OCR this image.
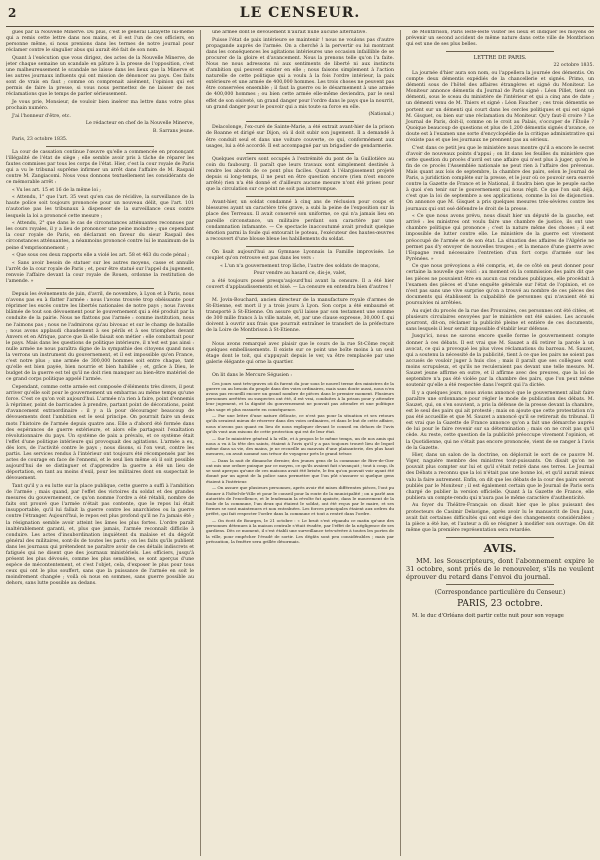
2	LE CENSEUR.

gués par la Nouvelle Minerve. Du plus, c'est le général Lafayette lui-même qui a remis cette lettre dans nos mains, et il est l'un de ces officiers, en personne même, si nous prenions dans les termes de notre journal pour réclamer contre le singulier abus qui aurait été fait de son nom.

Quant à l'exécution que vous dirigez, des actes de la Nouvelle Minerve, de jeter chaque semaine un scandale en pâture à la presse de l'opposition, c'est une malheureusement le scandale ne laisse dans les lieux que la Minerve et les autres journaux influents qui ont mission de dénoncer au pays. Ces faits sont de vrais en faut ; comme on comprenait aisément, l'opinion qui est permis de faire la presse, si vous nous permettez de ne laisser de nos réclamations que le temps de parler sérieusement.

Je vous prie, Monsieur, de vouloir bien insérer ma lettre dans votre plus prochain numéro.

J'ai l'honneur d'être, etc.

Le rédacteur en chef de la Nouvelle Minerve,

B. Sarrans jeune.

Paris, 23 octobre 1835.

La cour de cassation continue l'œuvre qu'elle a commencée en prononçant l'illégalité de l'état de siège ; elle semble avoir pris à tâche de réparer les fautes commises par tous les corps de l'état. Hier, c'est la cour royale de Paris qui a vu le tribunal suprême infirmer un arrêt dans l'affaire de M. Raspail contre M. Zangiacomi. Nous vous donnons textuellement les considérants de ce mémorable arrêt :

« Vu les art. 15 et 16 de la même loi ;

« Attendu, 1° que l'art. 35 veut qu'en cas de récidive, la surveillance de la haute police soit toujours prononcée pour un nouveau délit, que l'art. 101 n'autorise pas les tribunaux à dispenser de la surveillance ceux contre lesquels la loi a prononcé cette mesure ;

« Attendu, 2° que dans le cas de circonstances atténuantes reconnues par les cours royales, il y a lieu de prononcer une peine moindre ; que cependant la cour royale de Paris, en déclarant en faveur du sieur Raspail des circonstances atténuantes, a néanmoins prononcé contre lui le maximum de la peine d'emprisonnement ;

« Que sous ces deux rapports elle a violé les art. 58 et 463 du code pénal ;

« Sans avoir besoin de statuer sur les autres moyens, casse et annulle l'arrêt de la cour royale de Paris ; et, pour être statué sur l'appel du jugement, renvoie l'affaire devant la cour royale de Rouen, ordonne la restitution de l'amende. »

Depuis les événements de juin, d'avril, de novembre, à Lyon et à Paris, nous n'avons pas eu à flatter l'armée : nous l'avons trouvée trop obéissante pour réprimer les excès contre les libertés nationales de notre pays ; nous l'avons blâmée de tout son dévouement pour le gouvernement qui a été produit par la conduite de la pairie. Nous ne flattons pas l'armée : comme institution, nous ne l'aimons pas ; nous ne l'admirons qu'au bivouac et sur le champ de bataille ; nous avons applaudi chaudement à ses périls et à ses triomphes devant Anvers et en Afrique, parce que là elle faisait son métier : elle combattait pour le pays. Mais dans les questions de politique intérieure, il n'est est pas ainsi : nulle armée ne nous paraîtra digne de la sympathie des citoyens quand nous la verrons un instrument du gouvernement, et il est impossible qu'en France, c'est notre plus ; une armée de 300,000 hommes soit entre chaque, tant qu'elle est bien payée, bien nourrie et bien habillée ; et, grâce à Dieu, le budget de la guerre est tel qu'il ne doit rien manquer au bien-être matériel de ce grand corps politique appelé l'armée.

Cependant, comme cette armée est composée d'éléments très divers, il peut arriver qu'elle soit pour le gouvernement un embarras au même temps qu'une force. C'est ce qu'on voit aujourd'hui. L'armée n'a rien à faire, point d'ennemis à réprimer, point de barricades à prendre, partant point de décorations, point d'avancement extraordinaire : il y a là pour décourager beaucoup de dévouements dont l'ambition est le seul principe. On pourrait faire un deux mots l'histoire de l'armée depuis quatre ans. Elle a d'abord été formée dans des espérances de guerre extérieure, et alors elle partageait l'exaltation révolutionnaire du pays. Un système de paix a prévalu, et ce système était l'effet d'une politique intérieure qui provoquait des agitations. L'armée a eu, dès lors, de l'activité contre le pays ; nous disons, si l'on veut, contre les partis. Les services rendus à l'intérieur ont toujours été récompensés par les actes de courage en face de l'ennemi, et le seul lien même où il soit possible aujourd'hui de se distinguer et d'apprendre la guerre a été un lieu de déportation, en tant au moins d'exil, pour les militaires dont on suspectait le dévouement.

Tant qu'il y a eu lutte sur la place publique, cette guerre a suffi à l'ambition de l'armée ; mais quand, par l'effet des victoires du soldat et des grandes mesures du gouvernement, ce qu'on nomme l'ordre a été rétabli, nombre de faits ont prouvé que l'armée n'était pas contente, que le repos lui était insupportable, qu'il lui fallait la guerre contre les anarchistes ou la guerre contre l'étranger. Aujourd'hui, le repos est plus profond qu'il ne l'a jamais été ; la résignation semble avoir atteint les âmes les plus fortes. L'ordre paraît inaltérablement garanti, et, plus que jamais, l'armée reconnaît difficile à conduire. Les actes d'insubordination inquiètent du malaise et du dégoût général des militaires, sont-ils de toutes les parts ; on les faits qu'ils publient dans les journaux qui prétendent ne paraître avoir de ces détails indiscrets et fatigués qui ne disent que des journaux ministériels. Les officiers, jusqu'à présent les plus dévoués, comme les plus sensibles, se sont aperçus d'une espèce de mécontentement, et c'est l'objet, cela, d'exposer le plus pour tous ceux qui ont le plus souffert, sans que la puissance de l'armée en soit le moindrement changée ; voilà où nous en sommes, sans guerre possible au dehors, sans lutte possible au dedans.

une armée dont le dévouement n'aurait nulle aucune alternative.

Puisse l'état de paix intérieure se maintenir ! nous ne voulons pas d'autre propagande auprès de l'armée. On a cherché à la pervertir ou lui montrant dans les conséquences les agitations intérieures une occasion infaillible de se procurer de la gloire et d'avancement. Nous la prenons telle qu'on l'a faite. Nous ne nous adressons ni aux sentiments de liberté ni aux instincts d'ambition qui peuvent exister en elle ; nous faisons simplement à l'action naturelle de cette politique qui a voulu à la fois l'ordre intérieur, la paix extérieure et une armée de 400,000 hommes. Les trois choses ne peuvent pas être conservées ensemble ; il faut la guerre ou le désarmement à une armée de 400,000 hommes ; ou bien cette armée elle-même deviendra, par le seul effet de son oisiveté, un grand danger pour l'ordre dans le pays que la nourrit, un grand danger pour le pouvoir qui a mis toute sa force en elle.

(National.)

Delacolonge, l'ex-curé de Sainte-Marie, a été extrait avant-hier de la prison de Roanne et dirigé sur Dijon, où il doit subir son jugement. Il a demandé à être conduit seul et dans une voiture couverte, ce qui, conformément aux usages, lui a été accordé. Il est accompagné par un brigadier de gendarmerie.

Quelques ouvriers sont occupés à l'extrémité du pont de la Guillotière au coin du faubourg. Il paraît que leurs travaux sont simplement destinés à rendre les abords de ce pont plus faciles. Quant à l'élargissement projeté depuis si long-temps, il ne peut en être question encore (rien n'est encore arrêté) rien n'a été donné et d'ailleurs aucune mesure n'ont été prises pour que la circulation sur ce point ne soit pas interrompue.

Avant-hier, un soldat condamné à cinq ans de réclusion pour coups et blessures ayant un caractère très grave, a subi la peine de l'exposition sur la place des Terreaux. Il avait conservé son uniforme, ce qui n'a jamais lieu en pareille circonstance, un militaire perdant son caractère par une condamnation infamante. — Ce spectacle inaccoutumé avait produit quelque émotion parmi la foule qui entourait le poteau, l'exécuteur des hautes-œuvres a recouvert d'une blouse bleue les habillements du soldat.

On lisait aujourd'hui au Gymnase Lyonnais la Famille improvisée. Le couplet qu'on retrouve est pas dans les vers :

« L'un n'a gouvernement trop lâche, l'autre des soldats de maçons,

Pour vendre au hasard ce, dis-je, valet,

a été toujours possé presqu'aujourd'hui avant la censure. Il a été hier couvert d'applaudissements et bisé. — La censure en entendra bien d'autres !

M. Jovin-Bouchard, ancien directeur de la manufacture royale d'armes de St-Etienne, est mort il y a trois jours à Lyon. Son corps a été embaumé et transporté à St-Etienne. On assure qu'il laisse par son testament une somme de 300 mille francs à la ville natale, et, par une clause expresse, 30,000 f. qui doivent à ouvrir aux frais que pourrait entraîner le transfert de la préfecture de la Loire de Montbrison à St-Etienne.

Nous avons remarqué avec plaisir que le cours de la rue St-Côme reçoit quelques embellissements. Il existe sur ce point une boîte moins à un seul étage dont le toit, qui s'appuyait depuis le ver, va être remplacée par une galerie élégante qui orne la quartier.

On lit dans le Mercure Ségusien :

Ces jours sont très-graves où ils furent du jour sous le nouvel terme des ministres de la guerre ou au besoin du peuple dans des voies ordinaires, mais sans doute aussi, nous n'en avons pas recueilli encore un grand nombre de pièces dans le premier moment. Plusieurs personnes arrêtées ou suspectes ont été, il est vrai, conduites à la prison pour y attendre leur jugement, et la dignité du gouvernement ne pouvait pas attendre et une politique plus sage et plus rassurée en conséquence.

— Par une lettre d'une nature délicate, ce n'est pas pour la situation et ses retours qu'ils seraient mieux de réserver dans des voies ordinaires, et dans le but de cette affaire, nous n'avons pas quant en lieu de nous expliquer devant le conseil en dehors de l'avis qu'ils vont aux raisons de cette protection qui est de leur état.

— Sur le ministère général à la ville, et à propos le le même temps, un de nos amis qui nous a vu à la tête des saints, étaient à l'avis qu'il y a pas toujours trouvé lieu de lequel même dans sa vie, des mains, je ne recueille au mauvais d'une plaisanterie, des plus haut mesures, on avait nommé son trésor de voyageur près le grand trésor.

— Dans la nuit de dimanche dernier, des jeunes gens de la commune de Rive-de-Gier ont mis une ordure puisque par ce moyen, ce qu'ils avaient fait s'avançait ; tout à coup, ils se sont aperçus qu'une de ces maisons avait été brisée, le feu qu'on pouvait voir ayant été donné par un agent de la police sans permettre que l'on pût s'assurer si quelque gens étaient à l'intérieur.

— On assure que plusieurs personnes, après avoir été mises différentes pièces, l'ont pu donner à l'hôtel-de-Ville et pour le conseil pour la route de la municipalité ; on a parlé aux autorités de l'excellence, et le lendemain la révolte fut apaisée, dans le mouvement de la foule de la commune, l'un deux qui étaient le soldat, ont été reçus par le maire, et ses formes se sont maintenues et non entraînées. Les forces principales étaient aux ordres du préfet, qui fait respecter l'ordre dans la commune et tout a rentré dans l'ordre.

— On écrit de Bourges, le 21 octobre : « Le bruit s'est répandu ce matin qu'une des personnes détenues à la maison centrale s'était évadée, par l'effet de la négligence de ses gardiens. Dès ce moment, il s'est établi une surveillance très-sévère à toutes les portes de la ville, pour empêcher l'évadé de sortir. Les dégâts sont peu considérables ; mais par précaution, la fenêtre sera grillée désormais.

de Montbrison, Paris lesté-leste visiter les lieux et indiquer les moyens de prévenir un second accident de même nature dans cette ville de Montbrison qui est une de ses plus belles.

LETTRE DE PARIS.

22 octobre 1835.

La journée d'hier aura son nom, ou l'appellera la journée des démentis. On compte deux démentis expédiés de la chancellerie et signés. Primo, un démenti sous de l'hôtel des affaires étrangères et signé du Moniteur. Le Moniteur annonce démentis du Journal de Paris signé : Léon Pillet, tient un démenti, sous le sceau du ministère de l'intérieur et qui a cinq ans de date ; un démenti venu de M. Thiers et signé : Léon Faucher ; ces trois démentis se portent sur un démenti qui court dans les cercles politiques et qui est signé M. Gisquet, ou bien sur une réclamation du Moniteur. Qu'y faut-il croire ? Le Journal de Paris, doit-il, comme on le croit au Palais, s'occuper de l'Étoile ? Quoique beaucoup de questions et plus de 1,200 démentis signés d'avance, ce doute est à l'examen une sorte d'encyclopédie de la critique administrative qui n'existe pas et que les journaux ne prennent pas au sérieux.

C'est dans ce petit jeu que le ministère nous montre qu'il a encore le secret d'avoir de nouveaux points d'appui ; on lit dans les feuilles du ministère que cette question du procès d'avril est une affaire qui n'est plus à juger, qu'en le fin de ce procès l'Assemblée nationale ne peut rien à l'affaire des prévenus. Mais quant aux lois de septembre, la chambre des pairs, selon le Journal de Paris, a juridiction complète sur la presse, et le jour où ce pouvoir sera exercé contre la Gazette de France et le National, il faudra bien que le peuple sache à quoi s'en tenir sur le gouvernement qui nous régit. Ce que l'on sait déjà, c'est que la loi de septembre a ses applications, comme la loi de disjonction. On annonce que M. Gisquet a pris quelques mesures très-sévères contre les journaux qui ont osé défendre le droit de la presse.

« Ce que nous avons prévu, nous disait hier un député de la gauche, est arrivé : les ministres ont voulu faire une chambre de justice, ils ont une chambre politique qui prononce ; c'est la nature même des choses ; il est impossible de lutter contre elle. Le ministère de la guerre est vivement préoccupé de l'armée et de son état. La situation des affaires de l'Algérie ne permet pas d'y envoyer de nouvelles troupes ; et la menace d'une guerre avec l'Espagne rend nécessaire l'entretien d'un fort corps d'armée sur les Pyrénées. »

Ce que nous prévoyions a été compris, et, de ce côté on peut donner pour certaine la nouvelle que voici : au moment où la commission des pairs dit que les pièces ne pouvaient être en aucun cas rendues publiques, elle procédait à l'examen des pièces et d'une enquête générale sur l'état de l'opinion, et ce n'est pas sans une vive surprise qu'on a trouvé au nombre de ces pièces des documents qui établissent la culpabilité de personnes qui n'avaient été ni poursuivies ni arrêtées.

Au sujet du procès de la rue des Prouvaires, ces personnes ont été citées, et plusieurs circulaires envoyées par le ministère ont été saisies. Les accusés pourront, dit-on, réclamer la publicité pleine et entière de ces documents, sans lesquels il leur serait impossible d'établir leur défense.

Jusqu'ici, nous ne savons encore quelle forme le gouvernement compte donner à ces débats. Il est vrai que M. Sauzet a dû retirer la parole à un avocat, ce qui a provoqué les plus vives réclamations du barreau. M. Sauzet, qui a soutenu la nécessité de la publicité, tient à ce que les pairs ne soient pas accusés de vouloir juger à huis clos ; mais il paraît que ses collègues sont moins scrupuleux, et qu'ils ne reculeraient pas devant une telle mesure. M. Sauzet jeune affirme en outre, et il affirme avec des preuves, que la loi de septembre n'a pas été violée par la chambre des pairs, que l'on peut même soutenir qu'elle a été respectée dans l'esprit qui l'a dictée.

Il y a quelques jours, nous avions annoncé que le gouvernement allait faire paraître une ordonnance pour régler le mode de publication des débats. M. Sauzet, qui, on s'en souvient, a pris la défense de la presse devant la chambre, est le seul des pairs qui ait protesté ; mais on ajoute que cette protestation n'a pas été accueillie et que M. Sauzet a annoncé qu'il se retirerait du tribunal. Il est vrai que la Gazette de France annonce qu'on a fait une démarche auprès de lui pour le faire revenir sur sa détermination ; mais on ne croit pas qu'il cède. Au reste, cette question de la publicité préoccupe vivement l'opinion, et la Quotidienne, qui ne s'était pas encore prononcée, vient de se ranger à l'avis de la Gazette.

Hier, dans un salon de la doctrine, on déplorait le sort de ce pauvre M. Viger, naguère membre des ministres tout-puissants. On disait qu'on ne pouvait plus compter sur lui et qu'il s'était retiré dans ses terres. Le Journal des Débats a reconnu que la loi n'était pas une bonne loi, et qu'il aurait mieux valu la faire autrement. Enfin, on dit que les débats de la cour des pairs seront publiés par le Moniteur ; il est également certain que le Journal de Paris sera chargé de publier la version officielle. Quant à la Gazette de France, elle publiera un compte-rendu qui n'aura pas le même caractère d'authenticité.

Au foyer du Théâtre-Français on disait hier que le plus puissant des protecteurs de Casimir Delavigne, après avoir lu le manuscrit de Don Juan, avait fait certaines difficultés qui ont exigé des changements considérables ; la pièce a été lue, et l'auteur a dû se résigner à modifier son ouvrage. On dit même que la première représentation sera retardée.

AVIS.

MM. les Souscripteurs, dont l'abonnement expire le 31 octobre, sont priés de le renouveler, s'ils ne veulent éprouver du retard dans l'envoi du journal.

(Correspondance particulière du Censeur.)

PARIS, 23 octobre.

M. le duc d'Orléans doit partir cette nuit pour son voyage
